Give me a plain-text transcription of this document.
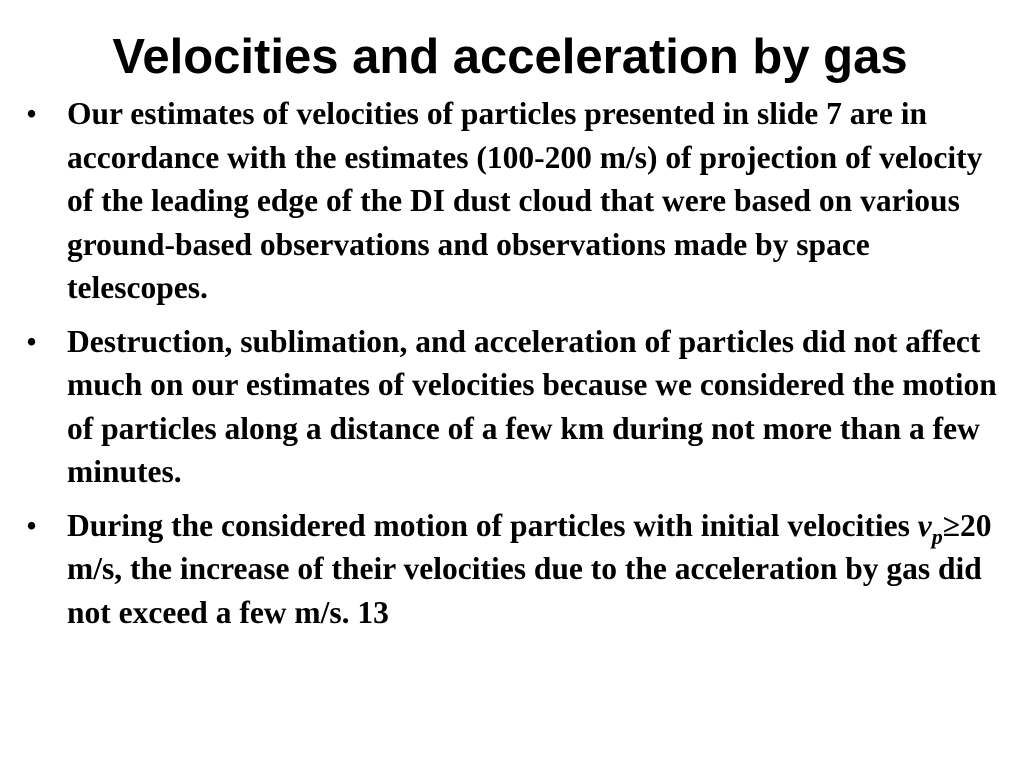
Velocities and acceleration by gas
• Our estimates of velocities of particles presented in slide 7 are in accordance with the estimates (100-200 m/s) of projection of velocity of the leading edge of the DI dust cloud that were based on various ground-based observations and observations made by space telescopes.
• Destruction, sublimation, and acceleration of particles did not affect much on our estimates of velocities because we considered the motion of particles along a distance of a few km during not more than a few minutes.
• During the considered motion of particles with initial velocities $v_p\ge 20$ m/s, the increase of their velocities due to the acceleration by gas did not exceed a few m/s. 13
